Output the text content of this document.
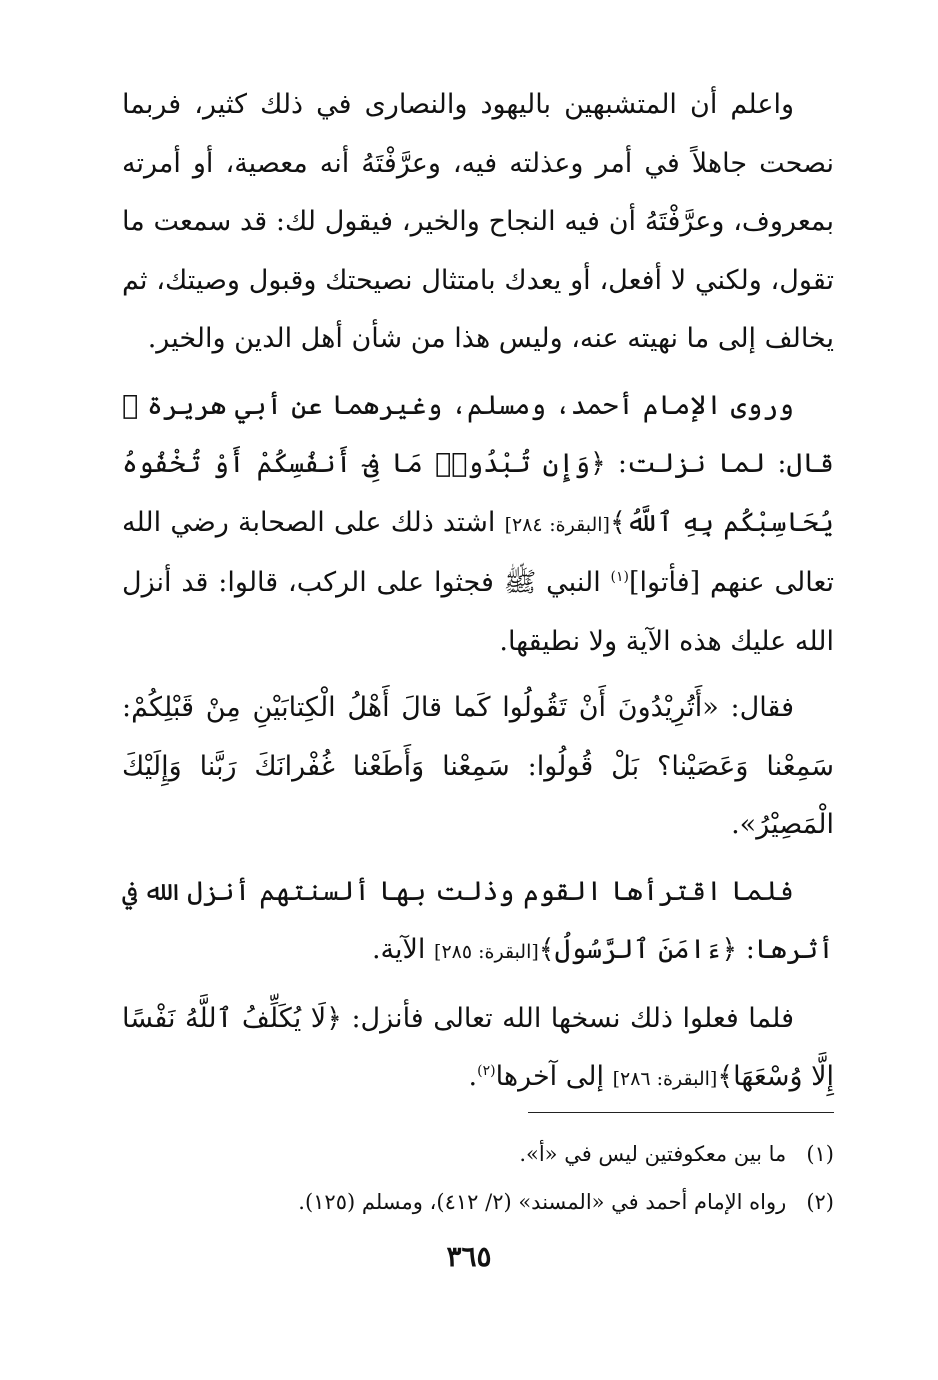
واعلم أن المتشبهين باليهود والنصارى في ذلك كثير، فربما نصحت جاهلاً في أمر وعذلته فيه، وعرَّفْتَهُ أنه معصية، أو أمرته بمعروف، وعرَّفْتَهُ أن فيه النجاح والخير، فيقول لك: قد سمعت ما تقول، ولكني لا أفعل، أو يعدك بامتثال نصيحتك وقبول وصيتك، ثم يخالف إلى ما نهيته عنه، وليس هذا من شأن أهل الدين والخير.

وروى الإمام أحمد، ومسلم، وغيرهما عن أبي هريرة ﷺ قال: لما نزلت: ﴿وَإِن تُبْدُوا۟ مَا فِىٓ أَنفُسِكُمْ أَوْ تُخْفُوهُ يُحَاسِبْكُم بِهِ ٱللَّهُ﴾[البقرة: ٢٨٤] اشتد ذلك على الصحابة رضي الله تعالى عنهم [فأتوا]$^{(١)}$ النبي ﷺ فجثوا على الركب، قالوا: قد أنزل الله عليك هذه الآية ولا نطيقها.

فقال: «أَتُرِيْدُونَ أَنْ تَقُولُوا كَما قالَ أَهْلُ الْكِتابَيْنِ مِنْ قَبْلِكُمْ: سَمِعْنا وَعَصَيْنا؟ بَلْ قُولُوا: سَمِعْنا وَأَطَعْنا غُفْرانَكَ رَبَّنا وَإِلَيْكَ الْمَصِيْرُ».

فلما اقترأها القوم وذلت بها ألسنتهم أنزل الله في أثرها: ﴿ءَامَنَ ٱلرَّسُولُ﴾[البقرة: ٢٨٥] الآية.

فلما فعلوا ذلك نسخها الله تعالى فأنزل: ﴿لَا يُكَلِّفُ ٱللَّهُ نَفْسًا إِلَّا وُسْعَهَا﴾[البقرة: ٢٨٦] إلى آخرها$^{(٢)}$.

(١)
ما بين معكوفتين ليس في «أ».

(٢)
رواه الإمام أحمد في «المسند» (٢/ ٤١٢)، ومسلم (١٢٥).

٣٦٥
